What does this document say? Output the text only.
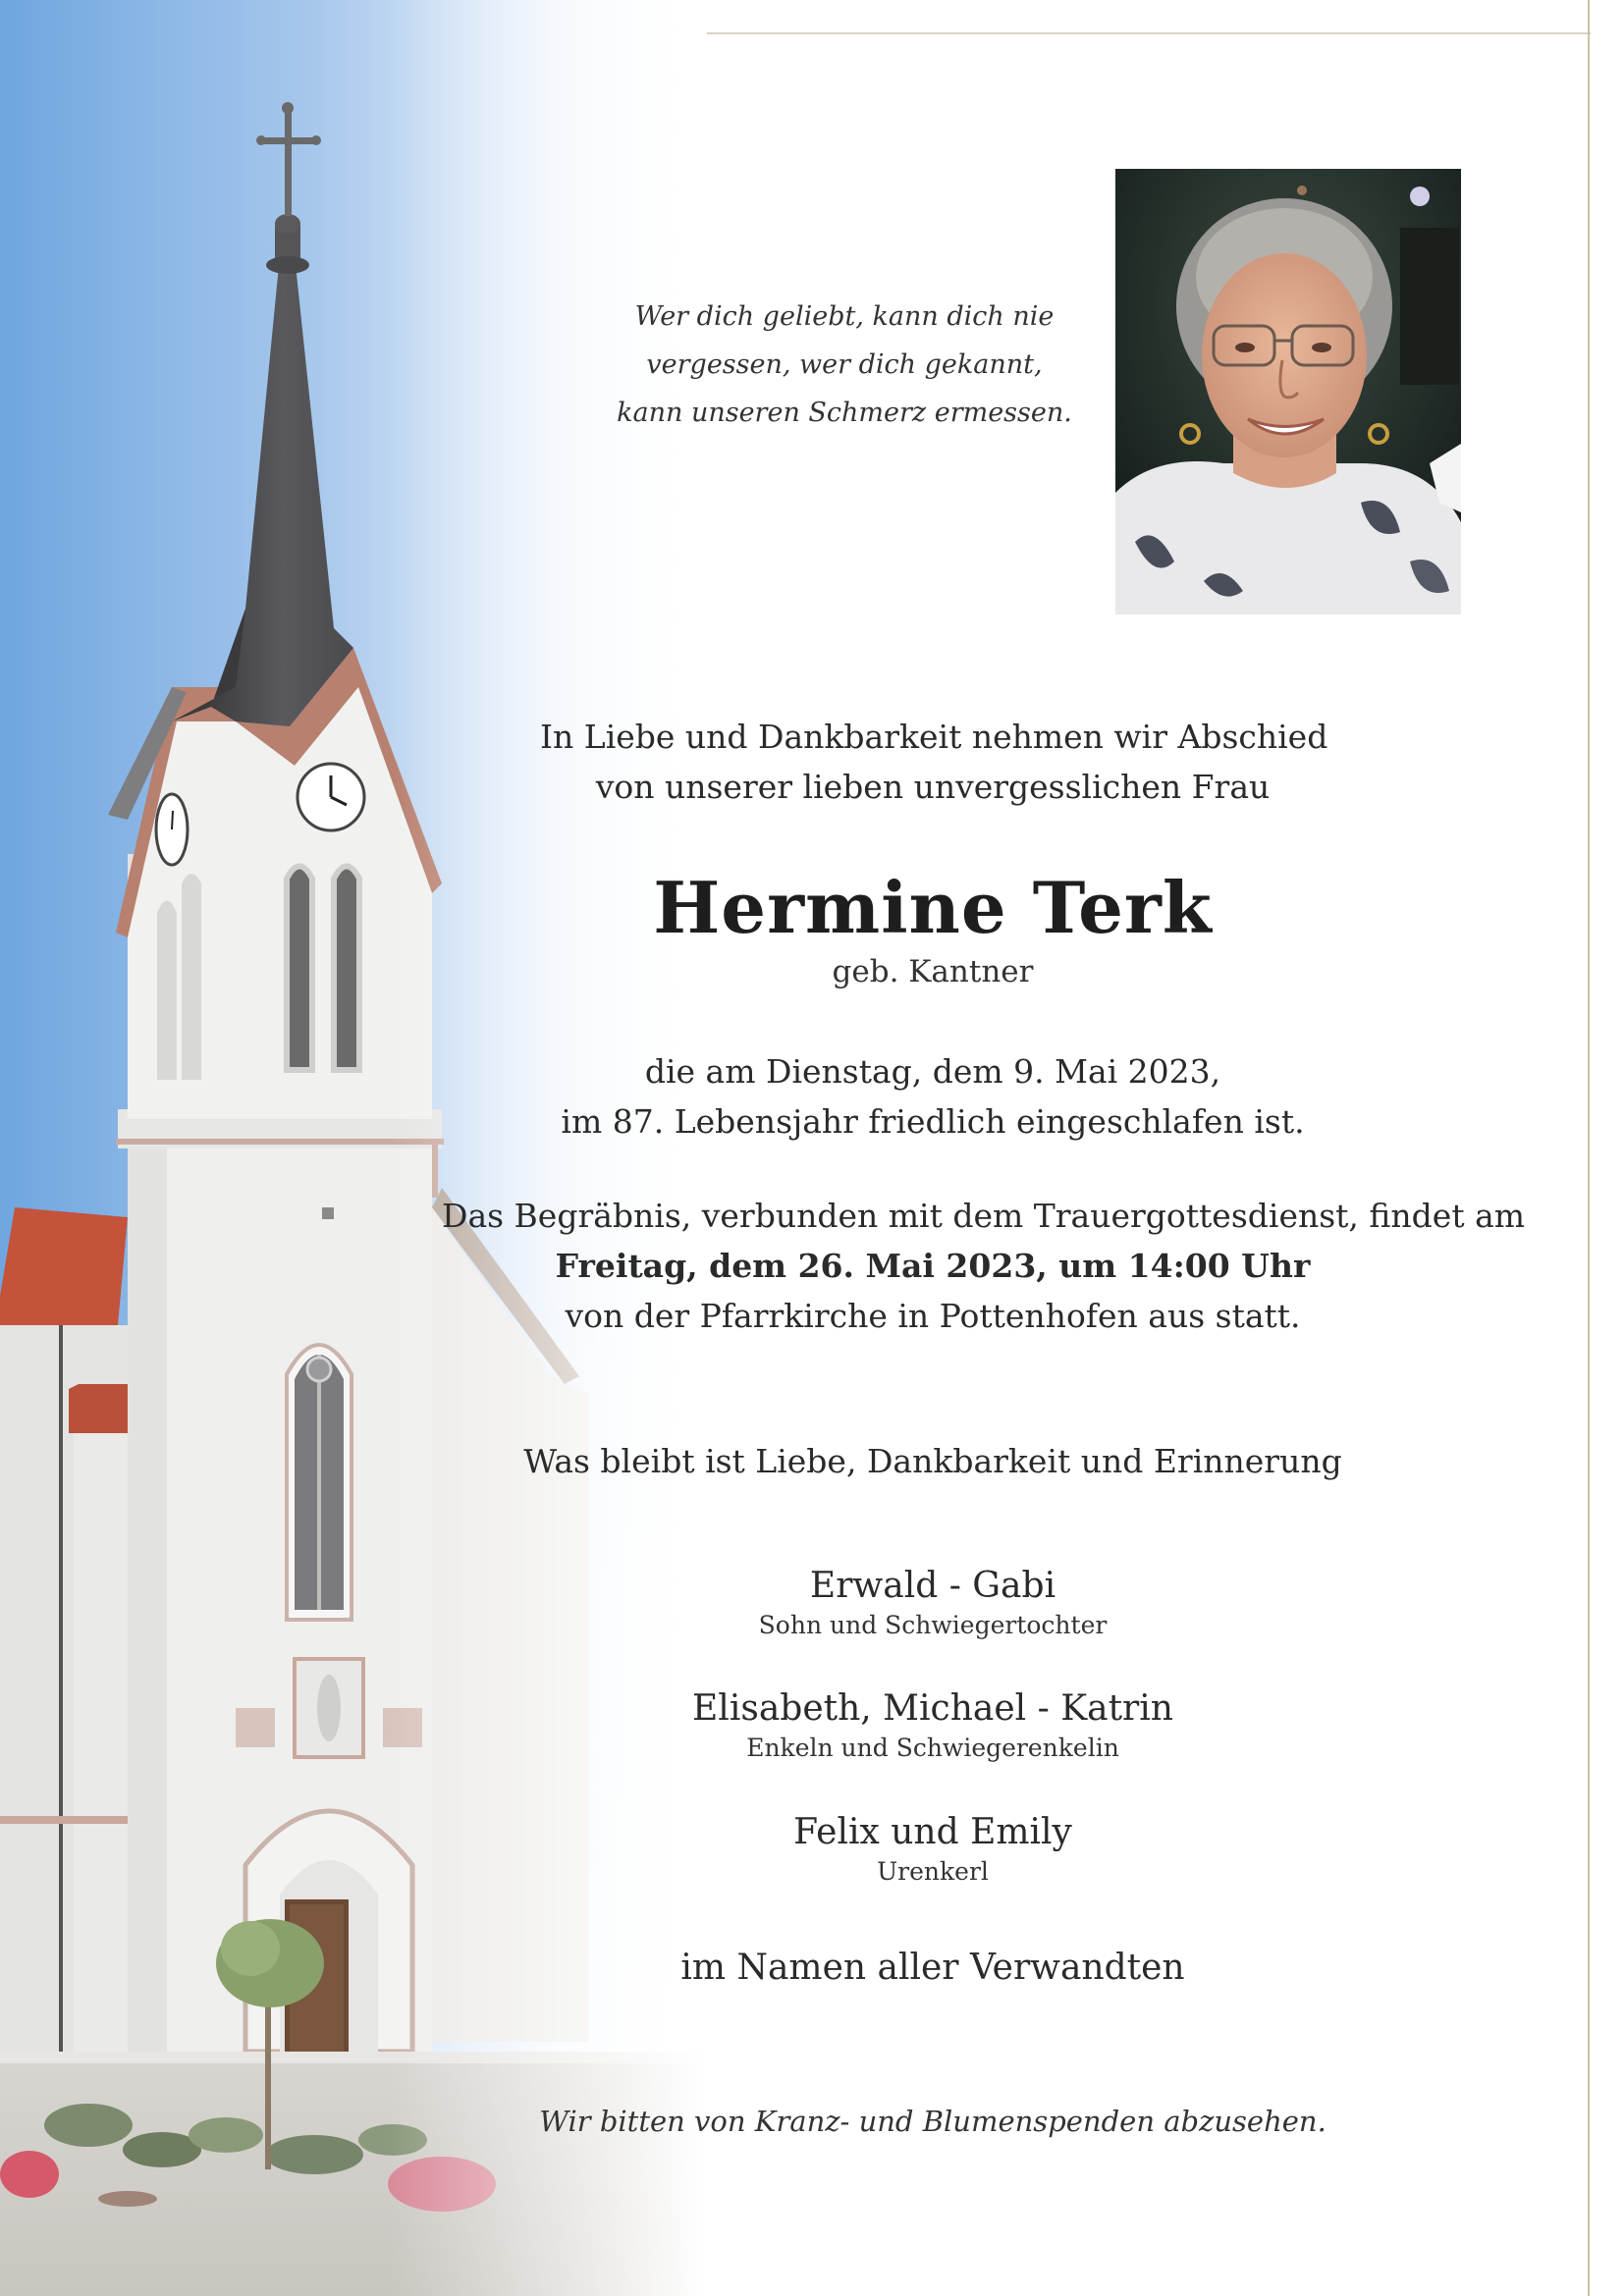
Wer dich geliebt, kann dich nie
vergessen, wer dich gekannt,
kann unseren Schmerz ermessen.
In Liebe und Dankbarkeit nehmen wir Abschied
von unserer lieben unvergesslichen Frau
Hermine Terk
geb. Kantner
die am Dienstag, dem 9. Mai 2023,
im 87. Lebensjahr friedlich eingeschlafen ist.
Das Begräbnis, verbunden mit dem Trauergottesdienst, findet am
Freitag, dem 26. Mai 2023, um 14:00 Uhr
von der Pfarrkirche in Pottenhofen aus statt.
Was bleibt ist Liebe, Dankbarkeit und Erinnerung
Erwald - Gabi
Sohn und Schwiegertochter
Elisabeth, Michael - Katrin
Enkeln und Schwiegerenkelin
Felix und Emily
Urenkerl
im Namen aller Verwandten
Wir bitten von Kranz- und Blumenspenden abzusehen.
